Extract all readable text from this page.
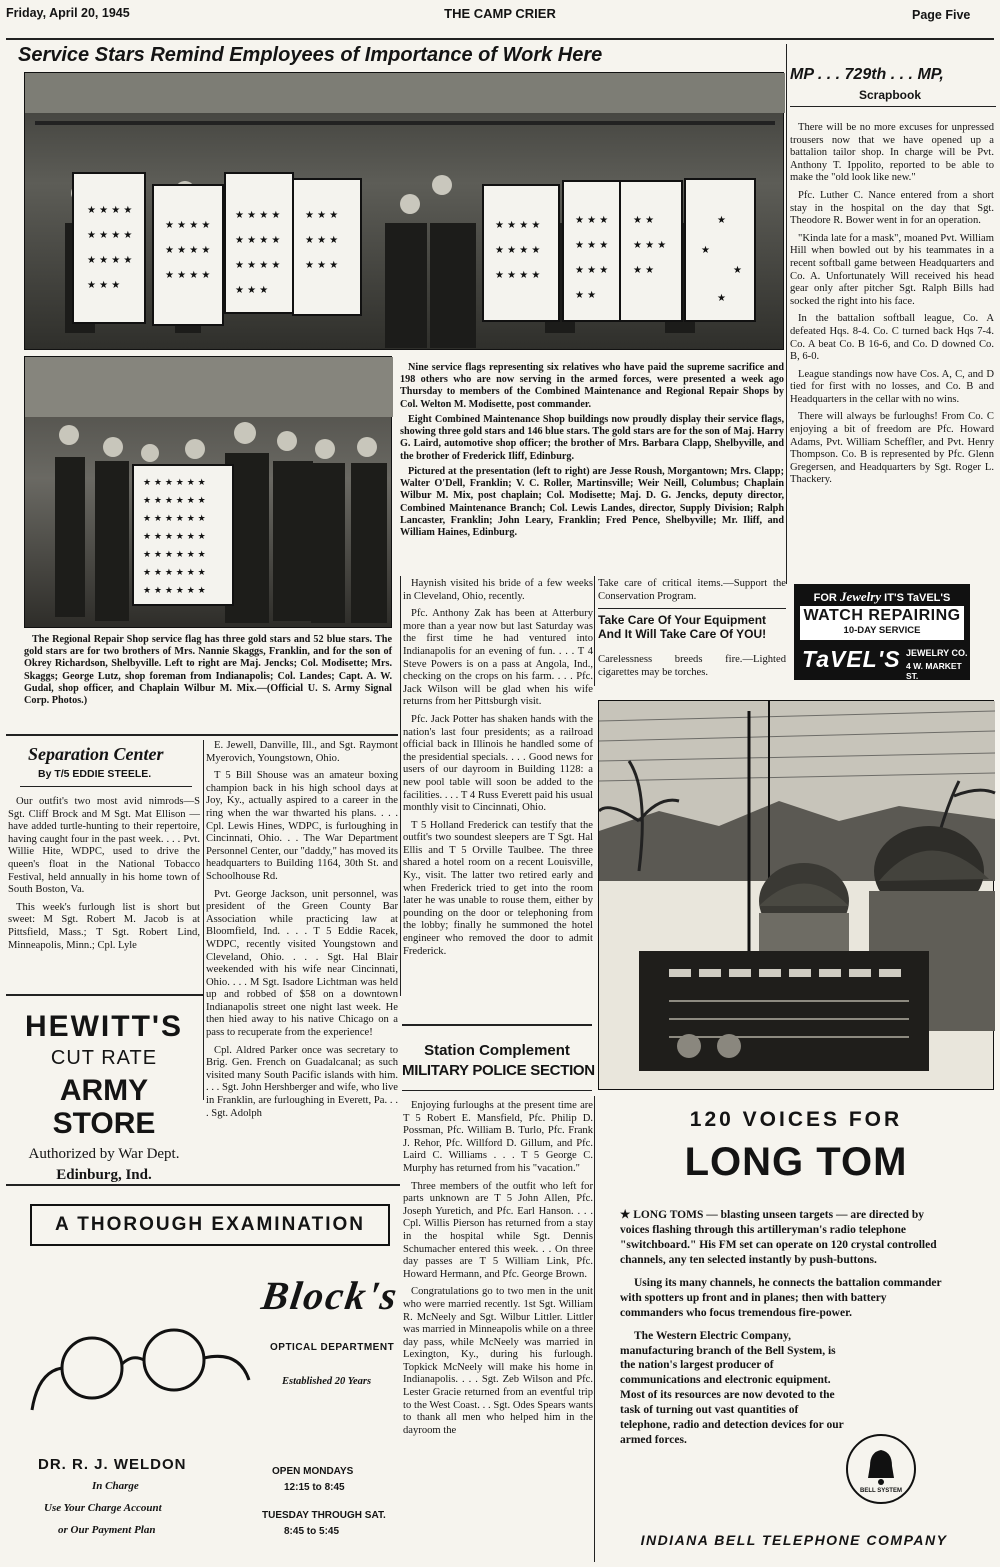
Friday, April 20, 1945	THE CAMP CRIER	Page Five
Service Stars Remind Employees of Importance of Work Here
★ ★ ★ ★
★ ★ ★ ★
★ ★ ★ ★
★ ★ ★
★ ★ ★ ★
★ ★ ★ ★
★ ★ ★ ★
★ ★ ★ ★
★ ★ ★ ★
★ ★ ★ ★
★ ★ ★
★ ★ ★
★ ★ ★
★ ★ ★
★ ★ ★ ★
★ ★ ★ ★
★ ★ ★ ★
★ ★ ★
★ ★ ★
★ ★ ★
★ ★
★ ★
★ ★ ★
★ ★
★
★
★
★
★ ★ ★ ★ ★ ★
★ ★ ★ ★ ★ ★
★ ★ ★ ★ ★ ★
★ ★ ★ ★ ★ ★
★ ★ ★ ★ ★ ★
★ ★ ★ ★ ★ ★
★ ★ ★ ★ ★ ★

Nine service flags representing six relatives who have paid the supreme sacrifice and 198 others who are now serving in the armed forces, were presented a week ago Thursday to members of the Combined Maintenance and Regional Repair Shops by Col. Welton M. Modisette, post commander.

Eight Combined Maintenance Shop buildings now proudly display their service flags, showing three gold stars and 146 blue stars. The gold stars are for the son of Maj. Harry G. Laird, automotive shop officer; the brother of Mrs. Barbara Clapp, Shelbyville, and the brother of Frederick Iliff, Edinburg.

Pictured at the presentation (left to right) are Jesse Roush, Morgantown; Mrs. Clapp; Walter O'Dell, Franklin; V. C. Roller, Martinsville; Weir Neill, Columbus; Chaplain Wilbur M. Mix, post chaplain; Col. Modisette; Maj. D. G. Jencks, deputy director, Combined Maintenance Branch; Col. Lewis Landes, director, Supply Division; Ralph Lancaster, Franklin; John Leary, Franklin; Fred Pence, Shelbyville; Mr. Iliff, and William Haines, Edinburg.

The Regional Repair Shop service flag has three gold stars and 52 blue stars. The gold stars are for two brothers of Mrs. Nannie Skaggs, Franklin, and for the son of Okrey Richardson, Shelbyville. Left to right are Maj. Jencks; Col. Modisette; Mrs. Skaggs; George Lutz, shop foreman from Indianapolis; Col. Landes; Capt. A. W. Gudal, shop officer, and Chaplain Wilbur M. Mix.—(Official U. S. Army Signal Corp. Photos.)
MP . . . 729th . . . MP,
Scrapbook

There will be no more excuses for unpressed trousers now that we have opened up a battalion tailor shop. In charge will be Pvt. Anthony T. Ippolito, reported to be able to make the "old look like new."

Pfc. Luther C. Nance entered from a short stay in the hospital on the day that Sgt. Theodore R. Bower went in for an operation.

"Kinda late for a mask", moaned Pvt. William Hill when bowled out by his teammates in a recent softball game between Headquarters and Co. A. Unfortunately Will received his head gear only after pitcher Sgt. Ralph Bills had socked the right into his face.

In the battalion softball league, Co. A defeated Hqs. 8-4. Co. C turned back Hqs 7-4. Co. A beat Co. B 16-6, and Co. D downed Co. B, 6-0.

League standings now have Cos. A, C, and D tied for first with no losses, and Co. B and Headquarters in the cellar with no wins.

There will always be furloughs! From Co. C enjoying a bit of freedom are Pfc. Howard Adams, Pvt. William Scheffler, and Pvt. Henry Thompson. Co. B is represented by Pfc. Glenn Gregersen, and Headquarters by Sgt. Roger L. Thackery.

Separation Center
By T/5 EDDIE STEELE.

Our outfit's two most avid nimrods—S Sgt. Cliff Brock and M Sgt. Mat Ellison — have added turtle-hunting to their repertoire, having caught four in the past week. . . . Pvt. Willie Hite, WDPC, used to drive the queen's float in the National Tobacco Festival, held annually in his home town of South Boston, Va.

This week's furlough list is short but sweet: M Sgt. Robert M. Jacob is at Pittsfield, Mass.; T Sgt. Robert Lind, Minneapolis, Minn.; Cpl. Lyle

E. Jewell, Danville, Ill., and Sgt. Raymont Myerovich, Youngstown, Ohio.

T 5 Bill Shouse was an amateur boxing champion back in his high school days at Joy, Ky., actually aspired to a career in the ring when the war thwarted his plans. . . . Cpl. Lewis Hines, WDPC, is furloughing in Cincinnati, Ohio. . . The War Department Personnel Center, our "daddy," has moved its headquarters to Building 1164, 30th St. and Schoolhouse Rd.

Pvt. George Jackson, unit personnel, was president of the Green County Bar Association while practicing law at Bloomfield, Ind. . . . T 5 Eddie Racek, WDPC, recently visited Youngstown and Cleveland, Ohio. . . . Sgt. Hal Blair weekended with his wife near Cincinnati, Ohio. . . . M Sgt. Isadore Lichtman was held up and robbed of $58 on a downtown Indianapolis street one night last week. He then hied away to his native Chicago on a pass to recuperate from the experience!

Cpl. Aldred Parker once was secretary to Brig. Gen. French on Guadalcanal; as such visited many South Pacific islands with him. . . . Sgt. John Hershberger and wife, who live in Franklin, are furloughing in Everett, Pa. . . . Sgt. Adolph

Haynish visited his bride of a few weeks in Cleveland, Ohio, recently.

Pfc. Anthony Zak has been at Atterbury more than a year now but last Saturday was the first time he had ventured into Indianapolis for an evening of fun. . . . T 4 Steve Powers is on a pass at Angola, Ind., checking on the crops on his farm. . . . Pfc. Jack Wilson will be glad when his wife returns from her Pittsburgh visit.

Pfc. Jack Potter has shaken hands with the nation's last four presidents; as a railroad official back in Illinois he handled some of the presidential specials. . . . Good news for users of our dayroom in Building 1128: a new pool table will soon be added to the facilities. . . . T 4 Russ Everett paid his usual monthly visit to Cincinnati, Ohio.

T 5 Holland Frederick can testify that the outfit's two soundest sleepers are T Sgt. Hal Ellis and T 5 Orville Taulbee. The three shared a hotel room on a recent Louisville, Ky., visit. The latter two retired early and when Frederick tried to get into the room later he was unable to rouse them, either by pounding on the door or telephoning from the lobby; finally he summoned the hotel engineer who removed the door to admit Frederick.

Take care of critical items.—Support the Conservation Program.
Take Care Of Your Equipment And It Will Take Care Of YOU!
Carelessness breeds fire.—Lighted cigarettes may be torches.
FOR Jewelry IT'S TaVEL'S
WATCH REPAIRING
10-DAY SERVICE
TaVEL'S JEWELRY CO.
4 W. MARKET ST.
HEWITT'S
CUT RATE
ARMY STORE
Authorized by War Dept.
Edinburg, Ind.
Station Complement
MILITARY POLICE SECTION

Enjoying furloughs at the present time are T 5 Robert E. Mansfield, Pfc. Philip D. Possman, Pfc. William B. Turlo, Pfc. Frank J. Rehor, Pfc. Willford D. Gillum, and Pfc. Laird C. Williams . . . T 5 George C. Murphy has returned from his "vacation."

Three members of the outfit who left for parts unknown are T 5 John Allen, Pfc. Joseph Yuretich, and Pfc. Earl Hanson. . . . Cpl. Willis Pierson has returned from a stay in the hospital while Sgt. Dennis Schumacher entered this week. . . On three day passes are T 5 William Link, Pfc. Howard Hermann, and Pfc. George Brown.

Congratulations go to two men in the unit who were married recently. 1st Sgt. William R. McNeely and Sgt. Wilbur Littler. Littler was married in Minneapolis while on a three day pass, while McNeely was married in Lexington, Ky., during his furlough. Topkick McNeely will make his home in Indianapolis. . . . Sgt. Zeb Wilson and Pfc. Lester Gracie returned from an eventful trip to the West Coast. . . Sgt. Odes Spears wants to thank all men who helped him in the dayroom the

A THOROUGH EXAMINATION
Block's
OPTICAL DEPARTMENT
Established 20 Years
DR. R. J. WELDON
In Charge
Use Your Charge Account
or Our Payment Plan
OPEN MONDAYS
12:15 to 8:45
TUESDAY THROUGH SAT.
8:45 to 5:45
120 VOICES FOR
LONG TOM

★ LONG TOMS — blasting unseen targets — are directed by voices flashing through this artilleryman's radio telephone "switchboard." His FM set can operate on 120 crystal controlled channels, any ten selected instantly by push-buttons.

Using its many channels, he connects the battalion commander with spotters up front and in planes; then with battery commanders who focus tremendous fire-power.

The Western Electric Company, manufacturing branch of the Bell System, is the nation's largest producer of communications and electronic equipment. Most of its resources are now devoted to the task of turning out vast quantities of telephone, radio and detection devices for our armed forces.

BELL SYSTEM
INDIANA BELL TELEPHONE COMPANY
